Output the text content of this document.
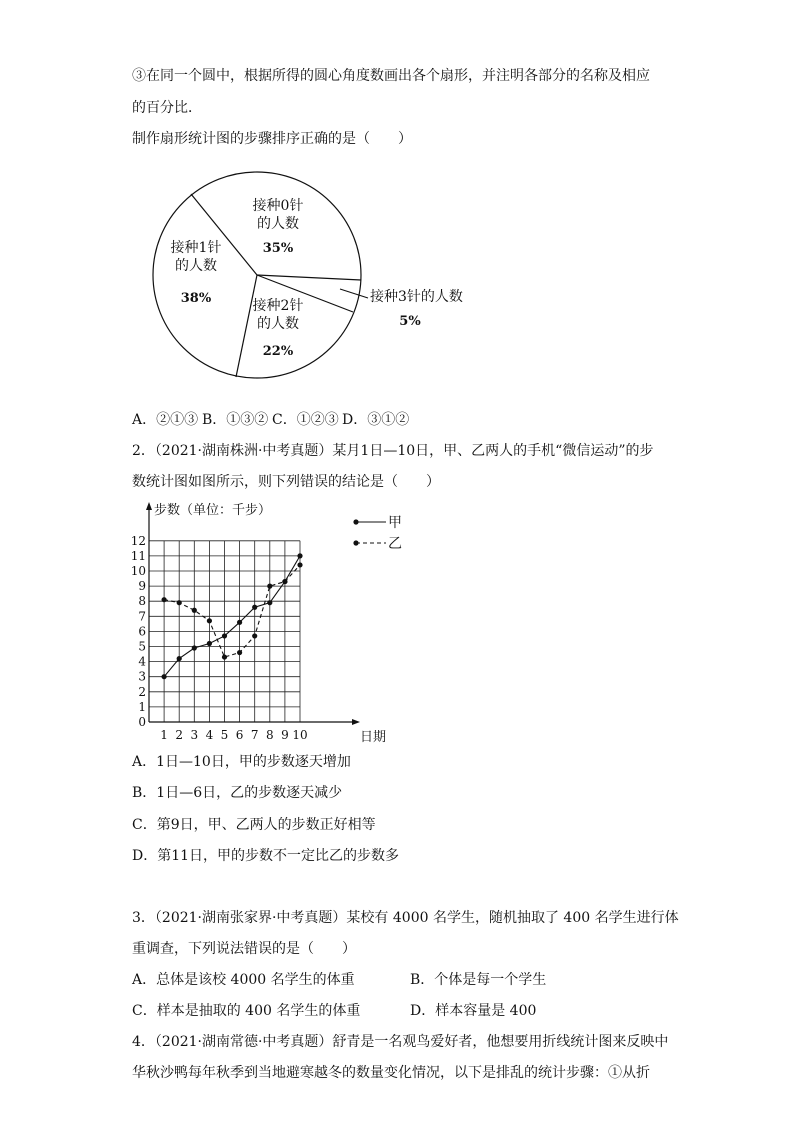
③在同一个圆中，根据所得的圆心角度数画出各个扇形，并注明各部分的名称及相应
的百分比．
制作扇形统计图的步骤排序正确的是（　　）
接种0针
的人数
35%
接种3针的人数
5%
接种2针
的人数
22%
接种1针
的人数
38%
A．②①③ B．①③② C．①②③ D．③①②
2．（2021·湖南株洲·中考真题）某月1日—10日，甲、乙两人的手机“微信运动”的步
数统计图如图所示，则下列错误的结论是（　　）
步数（单位：千步）
日期
1 2 3 4 5 6 7 8 9 10
0
1
2
3
4
5
6
7
8
9
10
11
12
甲
乙
A．1日—10日，甲的步数逐天增加
B．1日—6日，乙的步数逐天减少
C．第9日，甲、乙两人的步数正好相等
D．第11日，甲的步数不一定比乙的步数多
3．（2021·湖南张家界·中考真题）某校有 4000 名学生，随机抽取了 400 名学生进行体
重调查，下列说法错误的是（　　）
A．总体是该校 4000 名学生的体重	B．个体是每一个学生
C．样本是抽取的 400 名学生的体重	D．样本容量是 400
4．（2021·湖南常德·中考真题）舒青是一名观鸟爱好者，他想要用折线统计图来反映中
华秋沙鸭每年秋季到当地避寒越冬的数量变化情况，以下是排乱的统计步骤：①从折
